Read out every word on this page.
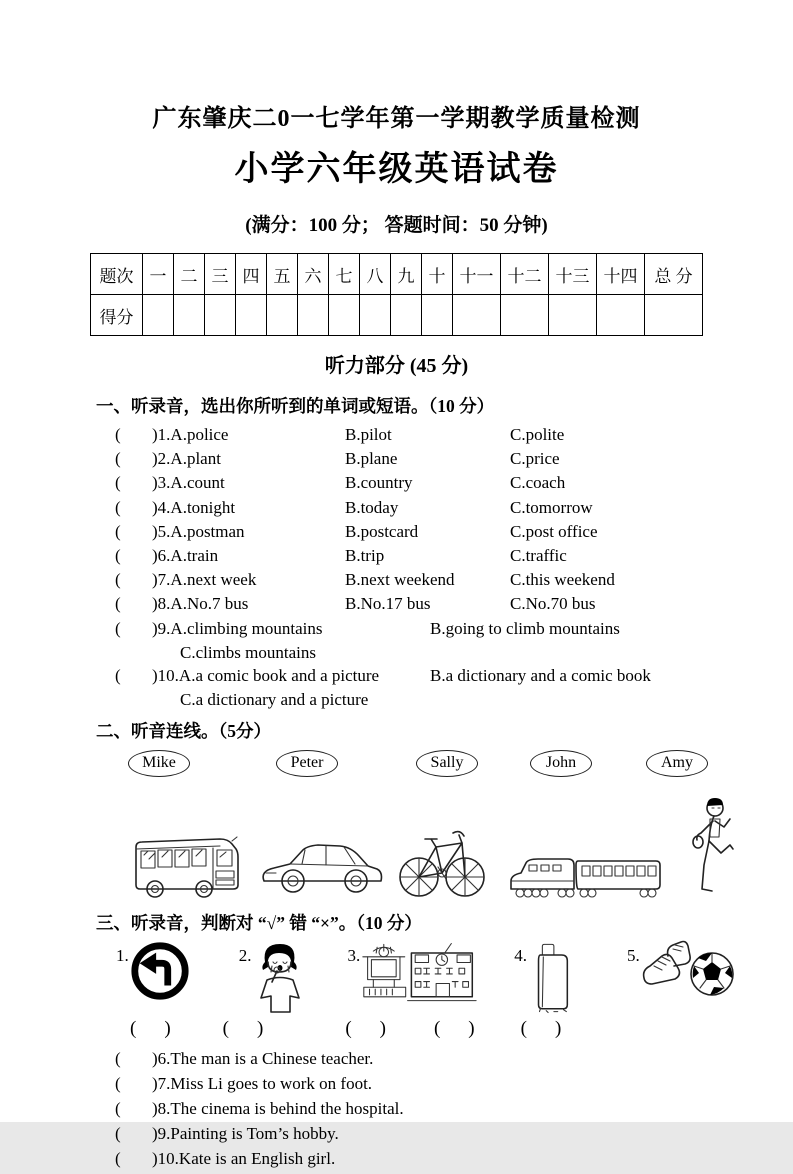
广东肇庆二0一七学年第一学期教学质量检测
小学六年级英语试卷
(满分：100 分； 答题时间：50 分钟)
题次	一	二	三	四	五	六	七	八	九	十	十一	十二	十三	十四	总 分
得分															
听力部分 (45 分)
一、听录音，选出你所听到的单词或短语。（10 分）
(	)1.A.police	B.pilot	C.polite
(	)2.A.plant	B.plane	C.price
(	)3.A.count	B.country	C.coach
(	)4.A.tonight	B.today	C.tomorrow
(	)5.A.postman	B.postcard	C.post office
(	)6.A.train	B.trip	C.traffic
(	)7.A.next week	B.next weekend	C.this weekend
(	)8.A.No.7 bus	B.No.17 bus	C.No.70 bus
(	)9.A.climbing mountains	B.going to climb mountains
C.climbs mountains
(	)10.A.a comic book and a picture	B.a dictionary and a comic book
C.a dictionary and a picture
二、听音连线。（5分）
Mike	Peter	Sally	John	Amy
三、听录音，判断对 “√” 错 “×”。（10 分）
1.	2.	3.	4.	5.
( )	( )	( )	( ) ( )
(	)6.The man is a Chinese teacher.
(	)7.Miss Li goes to work on foot.
(	)8.The cinema is behind the hospital.
(	)9.Painting is Tom’s hobby.
(	)10.Kate is an English girl.
